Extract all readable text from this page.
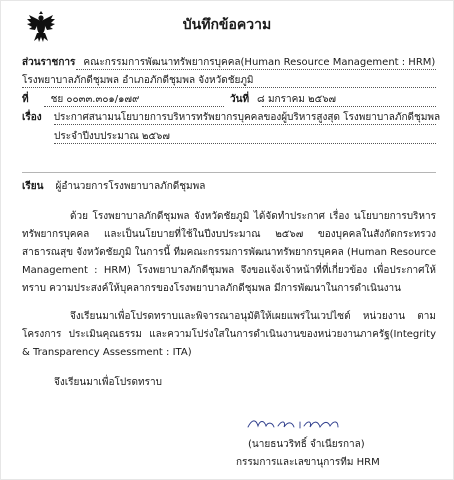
บันทึกข้อความ
ส่วนราชการ คณะกรรมการพัฒนาทรัพยากรบุคคล(Human Resource Management : HRM)
โรงพยาบาลภักดีชุมพล อำเภอภักดีชุมพล จังหวัดชัยภูมิ
ที่ ชย ๐๐๓๓.๓๐๑/๑๗๙	วันที่ ๘ มกราคม ๒๕๖๗
เรื่อง ประกาศสนามนโยบายการบริหารทรัพยากรบุคคลของผู้บริหารสูงสุด โรงพยาบาลภักดีชุมพล
ประจำปีงบประมาณ ๒๕๖๗
เรียน ผู้อำนวยการโรงพยาบาลภักดีชุมพล

ด้วย โรงพยาบาลภักดีชุมพล จังหวัดชัยภูมิ ได้จัดทำประกาศ เรื่อง นโยบายการบริหารทรัพยากรบุคคล และเป็นนโยบายที่ใช้ในปีงบประมาณ ๒๕๖๗ ของบุคคลในสังกัดกระทรวงสาธารณสุข จังหวัดชัยภูมิ ในการนี้ ทีมคณะกรรมการพัฒนาทรัพยากรบุคคล (Human Resource Management : HRM) โรงพยาบาลภักดีชุมพล จึงขอแจ้งเจ้าหน้าที่ที่เกี่ยวข้อง เพื่อประกาศให้ทราบ ความประสงค์ให้บุคลากรของโรงพยาบาลภักดีชุมพล มีการพัฒนาในการดำเนินงาน

จึงเรียนมาเพื่อโปรดทราบและพิจารณาอนุมัติให้เผยแพร่ในเวปไซต์ หน่วยงาน ตามโครงการ ประเมินคุณธรรม และความโปร่งใสในการดำเนินงานของหน่วยงานภาครัฐ(Integrity & Transparency Assessment : ITA)

จึงเรียนมาเพื่อโปรดทราบ
(นายธนวริทธิ์ จำเนียรกาล)
กรรมการและเลขานุการทีม HRM
